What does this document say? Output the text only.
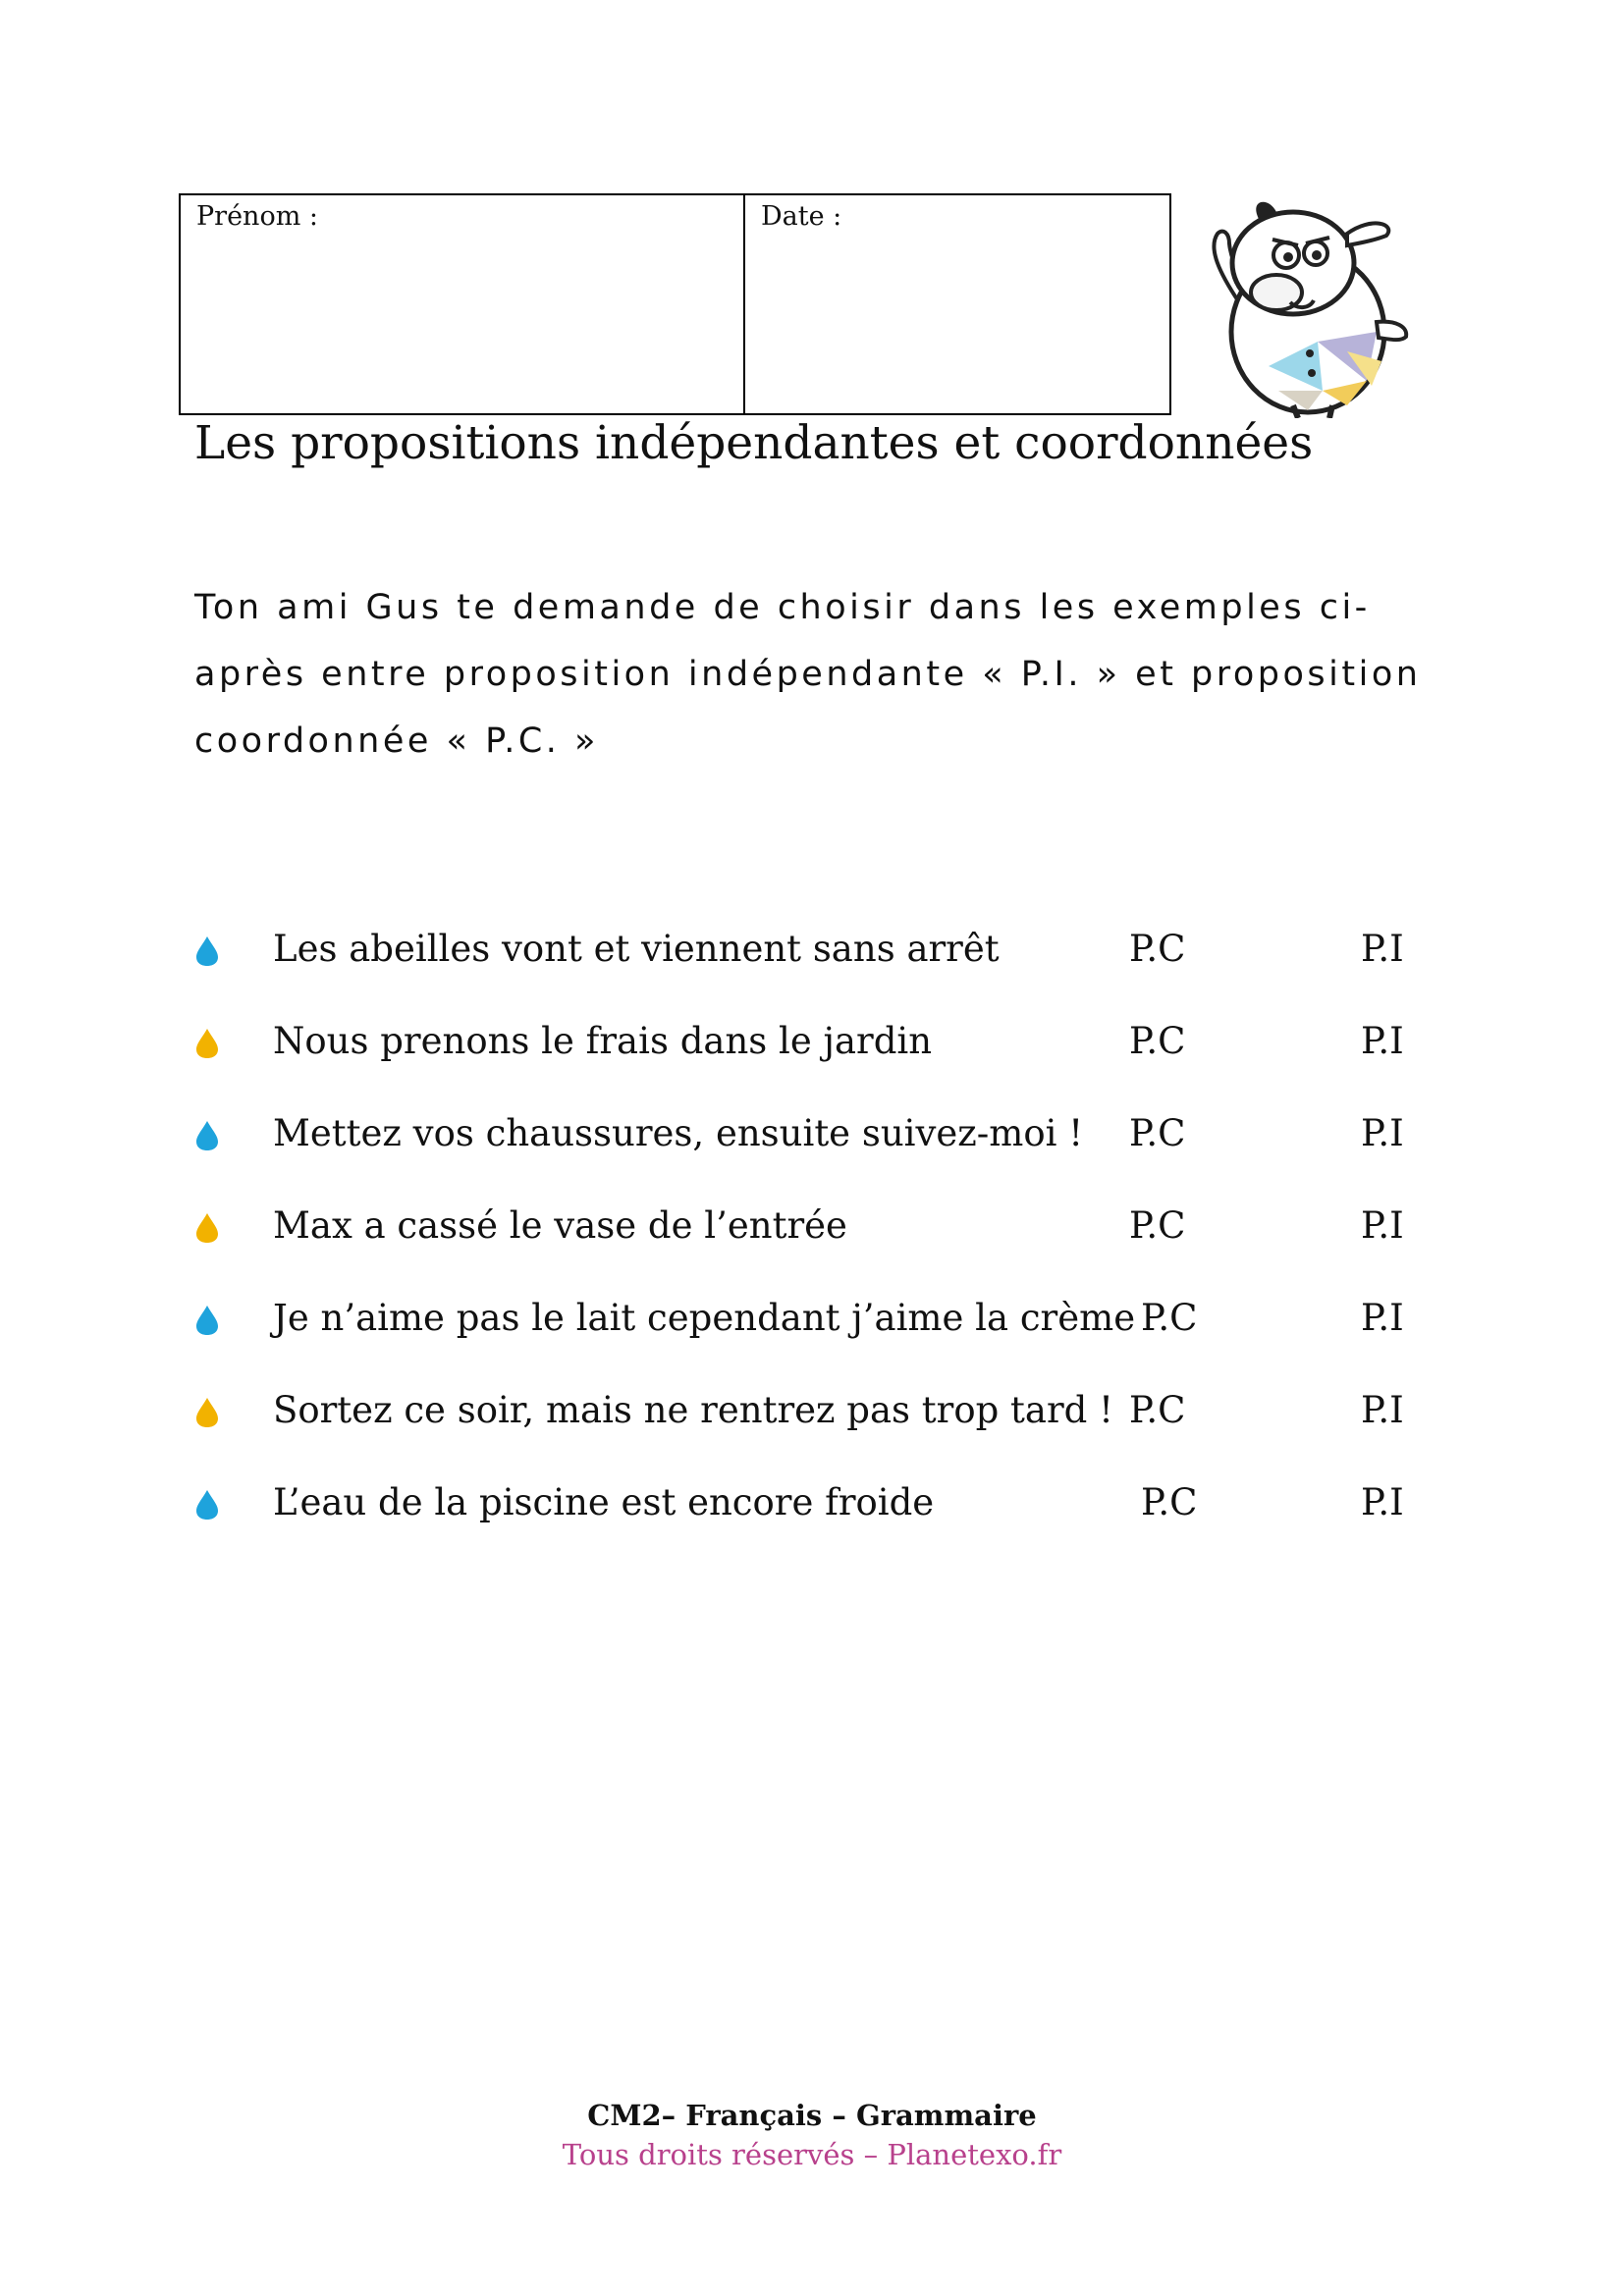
Prénom :	Date :
Les propositions indépendantes et coordonnées
Ton ami Gus te demande de choisir dans les exemples ci-après entre proposition indépendante « P.I. » et proposition coordonnée « P.C. »
Les abeilles vont et viennent sans arrêt	P.C	P.I
Nous prenons le frais dans le jardin	P.C	P.I
Mettez vos chaussures, ensuite suivez-moi ! P.C	P.I
Max a cassé le vase de l’entrée	P.C	P.I
Je n’aime pas le lait cependant j’aime la crème P.C	P.I
Sortez ce soir, mais ne rentrez pas trop tard ! P.C	P.I
L’eau de la piscine est encore froide	P.C	P.I
CM2– Français – Grammaire
Tous droits réservés – Planetexo.fr
